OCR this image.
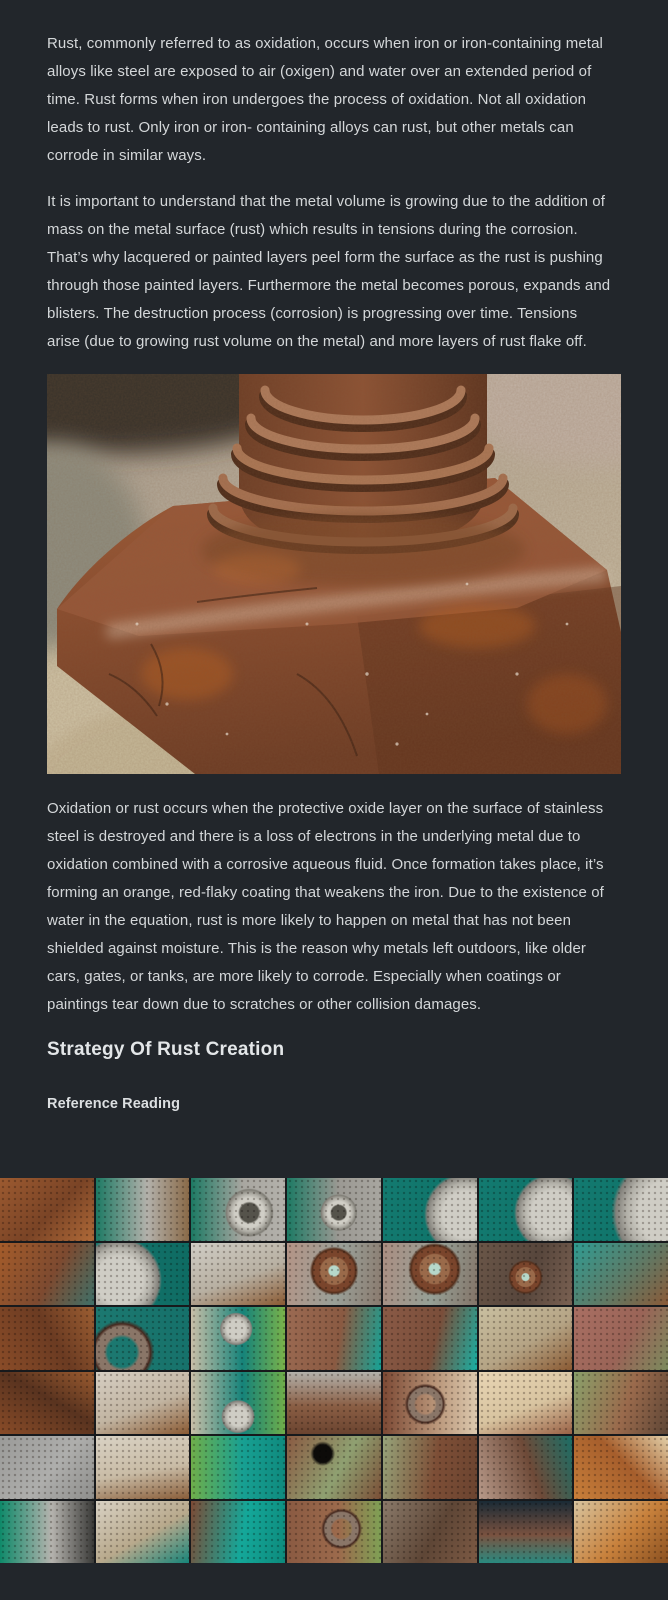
Rust, commonly referred to as oxidation, occurs when iron or iron-containing metal alloys like steel are exposed to air (oxigen) and water over an extended period of time. Rust forms when iron undergoes the process of oxidation. Not all oxidation leads to rust. Only iron or iron- containing alloys can rust, but other metals can corrode in similar ways.

It is important to understand that the metal volume is growing due to the addition of mass on the metal surface (rust) which results in tensions during the corrosion. That’s why lacquered or painted layers peel form the surface as the rust is pushing through those painted layers. Furthermore the metal becomes porous, expands and blisters. The destruction process (corrosion) is progressing over time. Tensions arise (due to growing rust volume on the metal) and more layers of rust flake off.

Oxidation or rust occurs when the protective oxide layer on the surface of stainless steel is destroyed and there is a loss of electrons in the underlying metal due to oxidation combined with a corrosive aqueous fluid. Once formation takes place, it’s forming an orange, red-flaky coating that weakens the iron. Due to the existence of water in the equation, rust is more likely to happen on metal that has not been shielded against moisture. This is the reason why metals left outdoors, like older cars, gates, or tanks, are more likely to corrode. Especially when coatings or paintings tear down due to scratches or other collision damages.

Strategy Of Rust Creation
Reference Reading
